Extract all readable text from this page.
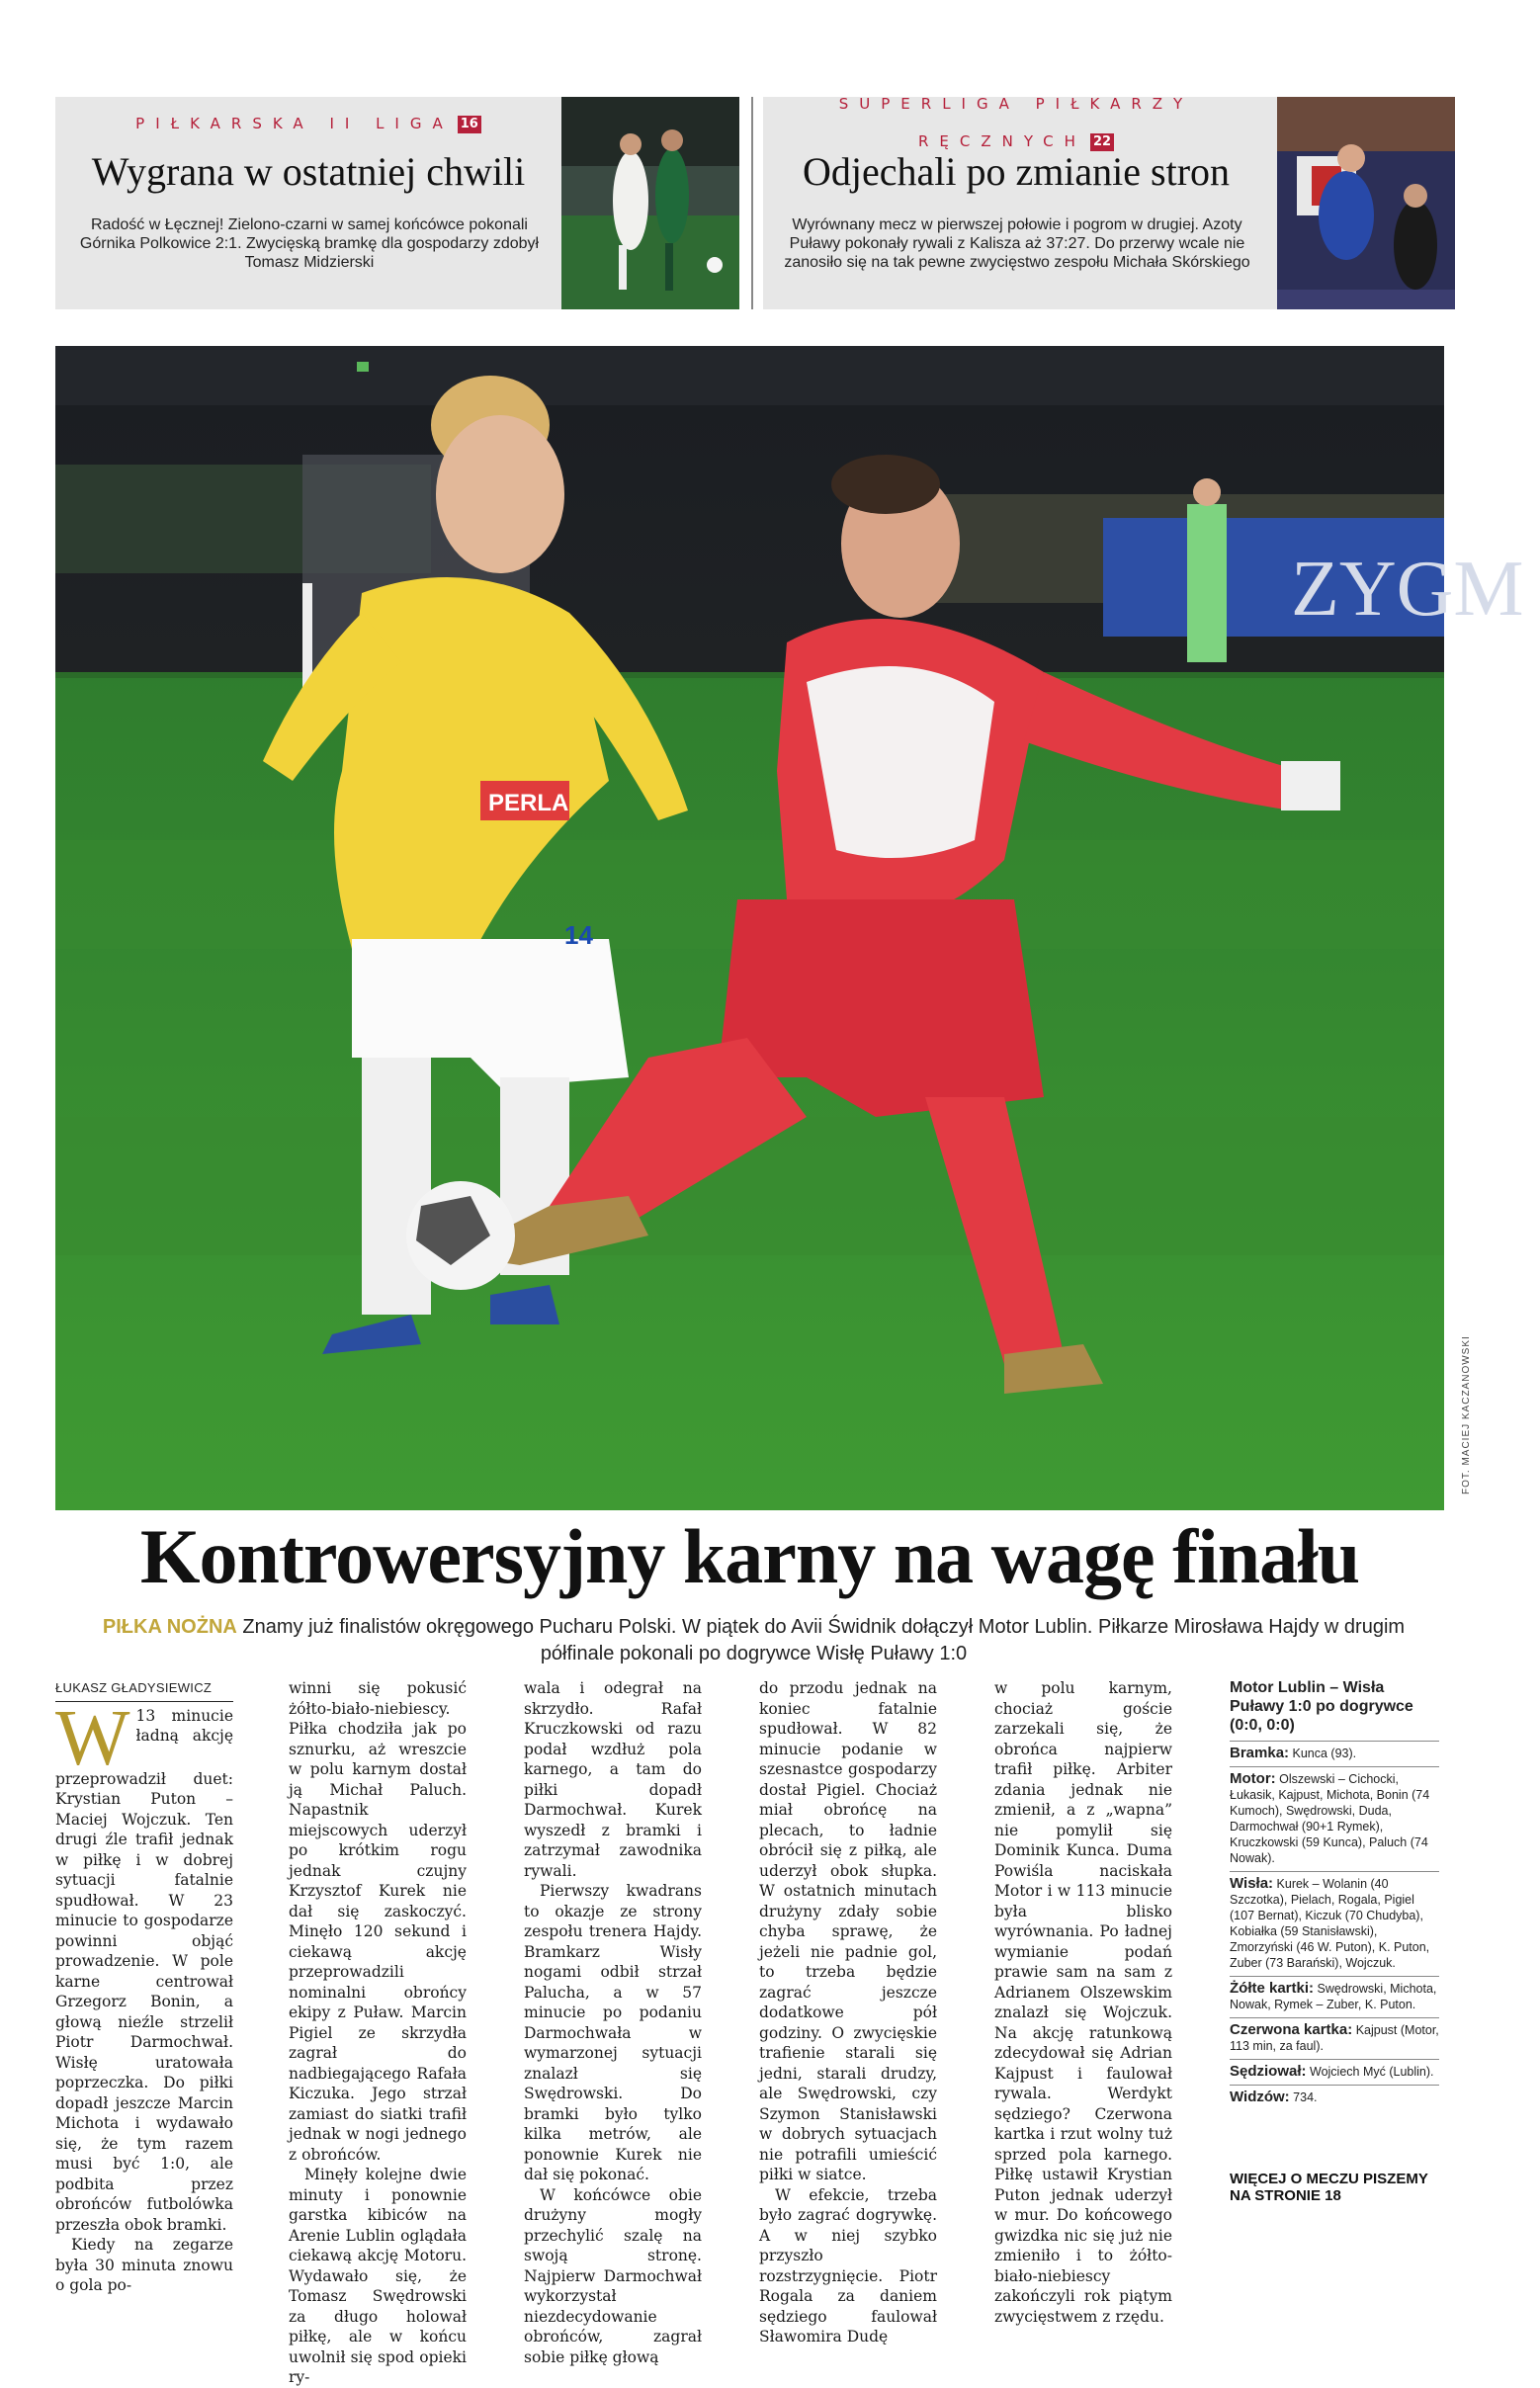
PIŁKARSKA II LIGA 16
Wygrana w ostatniej chwili
Radość w Łęcznej! Zielono-czarni w samej końcówce pokonali Górnika Polkowice 2:1. Zwycięską bramkę dla gospodarzy zdobył Tomasz Midzierski
SUPERLIGA PIŁKARZY
RĘCZNYCH 22
Odjechali po zmianie stron
Wyrównany mecz w pierwszej połowie i pogrom w drugiej. Azoty Puławy pokonały rywali z Kalisza aż 37:27. Do przerwy wcale nie zanosiło się na tak pewne zwycięstwo zespołu Michała Skórskiego
ZYGM
PERLA
14
FOT. MACIEJ KACZANOWSKI
Kontrowersyjny karny na wagę finału
PIŁKA NOŻNA Znamy już finalistów okręgowego Pucharu Polski. W piątek do Avii Świdnik dołączył Motor Lublin. Piłkarze Mirosława Hajdy w drugim półfinale pokonali po dogrywce Wisłę Puławy 1:0
ŁUKASZ GŁADYSIEWICZ
W 13 minucie ładną akcję przeprowadził duet: Krystian Puton – Maciej Wojczuk. Ten drugi źle trafił jednak w piłkę i w dobrej sytuacji fatalnie spudłował. W 23 minucie to gospodarze powinni objąć prowadzenie. W pole karne centrował Grzegorz Bonin, a głową nieźle strzelił Piotr Darmochwał. Wisłę uratowała poprzeczka. Do piłki dopadł jeszcze Marcin Michota i wydawało się, że tym razem musi być 1:0, ale podbita przez obrońców futbolówka przeszła obok bramki.

Kiedy na zegarze była 30 minuta znowu o gola po-

winni się pokusić żółto-biało-niebiescy. Piłka chodziła jak po sznurku, aż wreszcie w polu karnym dostał ją Michał Paluch. Napastnik miejscowych uderzył po krótkim rogu jednak czujny Krzysztof Kurek nie dał się zaskoczyć. Minęło 120 sekund i ciekawą akcję przeprowadzili nominalni obrońcy ekipy z Puław. Marcin Pigiel ze skrzydła zagrał do nadbiegającego Rafała Kiczuka. Jego strzał zamiast do siatki trafił jednak w nogi jednego z obrońców.

Minęły kolejne dwie minuty i ponownie garstka kibiców na Arenie Lublin oglądała ciekawą akcję Motoru. Wydawało się, że Tomasz Swędrowski za długo holował piłkę, ale w końcu uwolnił się spod opieki ry-

wala i odegrał na skrzydło. Rafał Kruczkowski od razu podał wzdłuż pola karnego, a tam do piłki dopadł Darmochwał. Kurek wyszedł z bramki i zatrzymał zawodnika rywali.

Pierwszy kwadrans to okazje ze strony zespołu trenera Hajdy. Bramkarz Wisły nogami odbił strzał Palucha, a w 57 minucie po podaniu Darmochwała w wymarzonej sytuacji znalazł się Swędrowski. Do bramki było tylko kilka metrów, ale ponownie Kurek nie dał się pokonać.

W końcówce obie drużyny mogły przechylić szalę na swoją stronę. Najpierw Darmochwał wykorzystał niezdecydowanie obrońców, zagrał sobie piłkę głową

do przodu jednak na koniec fatalnie spudłował. W 82 minucie podanie w szesnastce gospodarzy dostał Pigiel. Chociaż miał obrońcę na plecach, to ładnie obrócił się z piłką, ale uderzył obok słupka. W ostatnich minutach drużyny zdały sobie chyba sprawę, że jeżeli nie padnie gol, to trzeba będzie zagrać jeszcze dodatkowe pół godziny. O zwycięskie trafienie starali się jedni, starali drudzy, ale Swędrowski, czy Szymon Stanisławski w dobrych sytuacjach nie potrafili umieścić piłki w siatce.

W efekcie, trzeba było zagrać dogrywkę. A w niej szybko przyszło rozstrzygnięcie. Piotr Rogala za daniem sędziego faulował Sławomira Dudę

w polu karnym, chociaż goście zarzekali się, że obrońca najpierw trafił piłkę. Arbiter zdania jednak nie zmienił, a z „wapna” nie pomylił się Dominik Kunca. Duma Powiśla naciskała Motor i w 113 minucie była blisko wyrównania. Po ładnej wymianie podań prawie sam na sam z Adrianem Olszewskim znalazł się Wojczuk. Na akcję ratunkową zdecydował się Adrian Kajpust i faulował rywala. Werdykt sędziego? Czerwona kartka i rzut wolny tuż sprzed pola karnego. Piłkę ustawił Krystian Puton jednak uderzył w mur. Do końcowego gwizdka nic się już nie zmieniło i to żółto-biało-niebiescy zakończyli rok piątym zwycięstwem z rzędu.

Motor Lublin – Wisła Puławy 1:0 po dogrywce (0:0, 0:0)
Bramka: Kunca (93).
Motor: Olszewski – Cichocki, Łukasik, Kajpust, Michota, Bonin (74 Kumoch), Swędrowski, Duda, Darmochwał (90+1 Rymek), Kruczkowski (59 Kunca), Paluch (74 Nowak).
Wisła: Kurek – Wolanin (40 Szczotka), Pielach, Rogala, Pigiel (107 Bernat), Kiczuk (70 Chudyba), Kobiałka (59 Stanisławski), Zmorzyński (46 W. Puton), K. Puton, Zuber (73 Barański), Wojczuk.
Żółte kartki: Swędrowski, Michota, Nowak, Rymek – Zuber, K. Puton.
Czerwona kartka: Kajpust (Motor, 113 min, za faul).
Sędziował: Wojciech Myć (Lublin).
Widzów: 734.
WIĘCEJ O MECZU PISZEMY NA STRONIE 18
